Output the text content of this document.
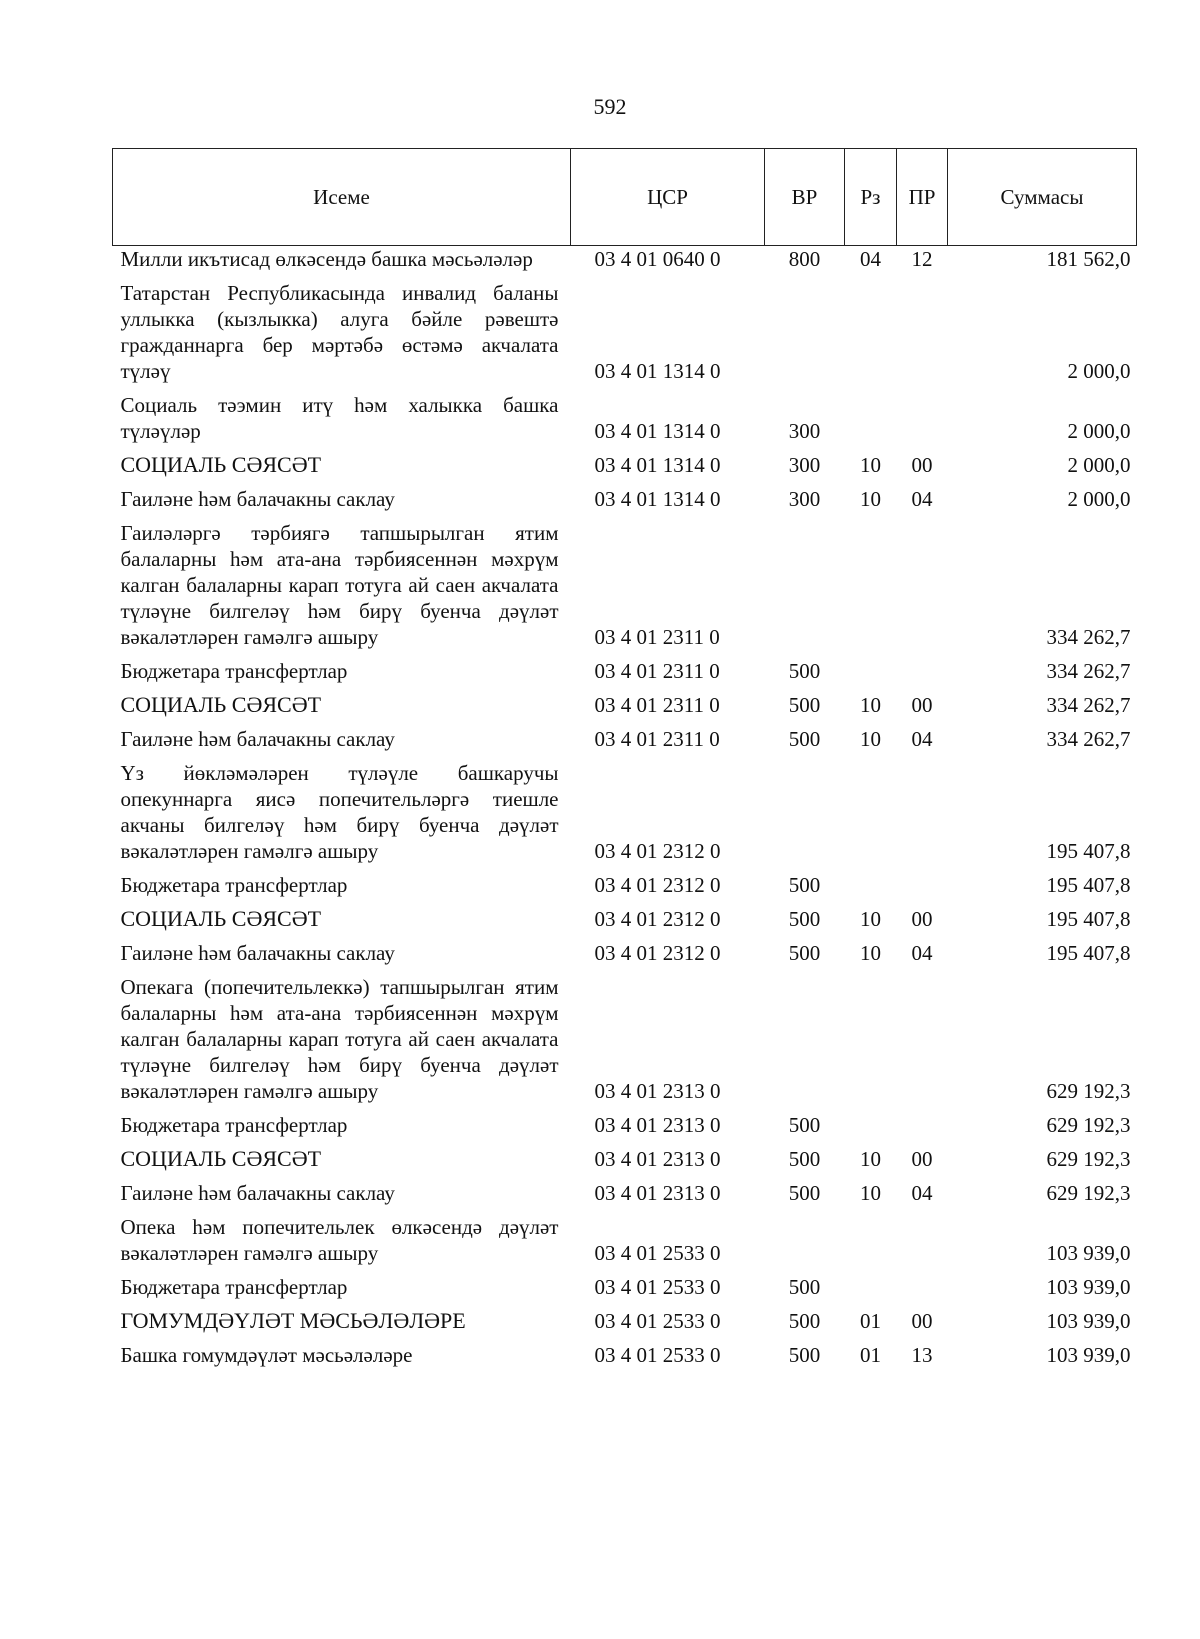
592
Исеме	ЦСР	ВР	Рз	ПР	Суммасы
Милли икътисад өлкәсендә башка мәсьәләләр	03 4 01 0640 0	800	04	12	181 562,0
Татарстан Республикасында инвалид баланы уллыкка (кызлыкка) алуга бәйле рәвештә гражданнарга бер мәртәбә өстәмә акчалата түләү	03 4 01 1314 0				2 000,0
Социаль тәэмин итү һәм халыкка башка түләүләр	03 4 01 1314 0	300			2 000,0
СОЦИАЛЬ СӘЯСӘТ	03 4 01 1314 0	300	10	00	2 000,0
Гаиләне һәм балачакны саклау	03 4 01 1314 0	300	10	04	2 000,0
Гаиләләргә тәрбиягә тапшырылган ятим балаларны һәм ата-ана тәрбиясеннән мәхрүм калган балаларны карап тотуга ай саен акчалата түләүне билгеләү һәм бирү буенча дәүләт вәкаләтләрен гамәлгә ашыру	03 4 01 2311 0				334 262,7
Бюджетара трансфертлар	03 4 01 2311 0	500			334 262,7
СОЦИАЛЬ СӘЯСӘТ	03 4 01 2311 0	500	10	00	334 262,7
Гаиләне һәм балачакны саклау	03 4 01 2311 0	500	10	04	334 262,7
Үз йөкләмәләрен түләүле башкаручы опекуннарга яисә попечительләргә тиешле акчаны билгеләү һәм бирү буенча дәүләт вәкаләтләрен гамәлгә ашыру	03 4 01 2312 0				195 407,8
Бюджетара трансфертлар	03 4 01 2312 0	500			195 407,8
СОЦИАЛЬ СӘЯСӘТ	03 4 01 2312 0	500	10	00	195 407,8
Гаиләне һәм балачакны саклау	03 4 01 2312 0	500	10	04	195 407,8
Опекага (попечительлеккә) тапшырылган ятим балаларны һәм ата-ана тәрбиясеннән мәхрүм калган балаларны карап тотуга ай саен акчалата түләүне билгеләү һәм бирү буенча дәүләт вәкаләтләрен гамәлгә ашыру	03 4 01 2313 0				629 192,3
Бюджетара трансфертлар	03 4 01 2313 0	500			629 192,3
СОЦИАЛЬ СӘЯСӘТ	03 4 01 2313 0	500	10	00	629 192,3
Гаиләне һәм балачакны саклау	03 4 01 2313 0	500	10	04	629 192,3
Опека һәм попечительлек өлкәсендә дәүләт вәкаләтләрен гамәлгә ашыру	03 4 01 2533 0				103 939,0
Бюджетара трансфертлар	03 4 01 2533 0	500			103 939,0
ГОМУМДӘҮЛӘТ МӘСЬӘЛӘЛӘРЕ	03 4 01 2533 0	500	01	00	103 939,0
Башка гомумдәүләт мәсьәләләре	03 4 01 2533 0	500	01	13	103 939,0
